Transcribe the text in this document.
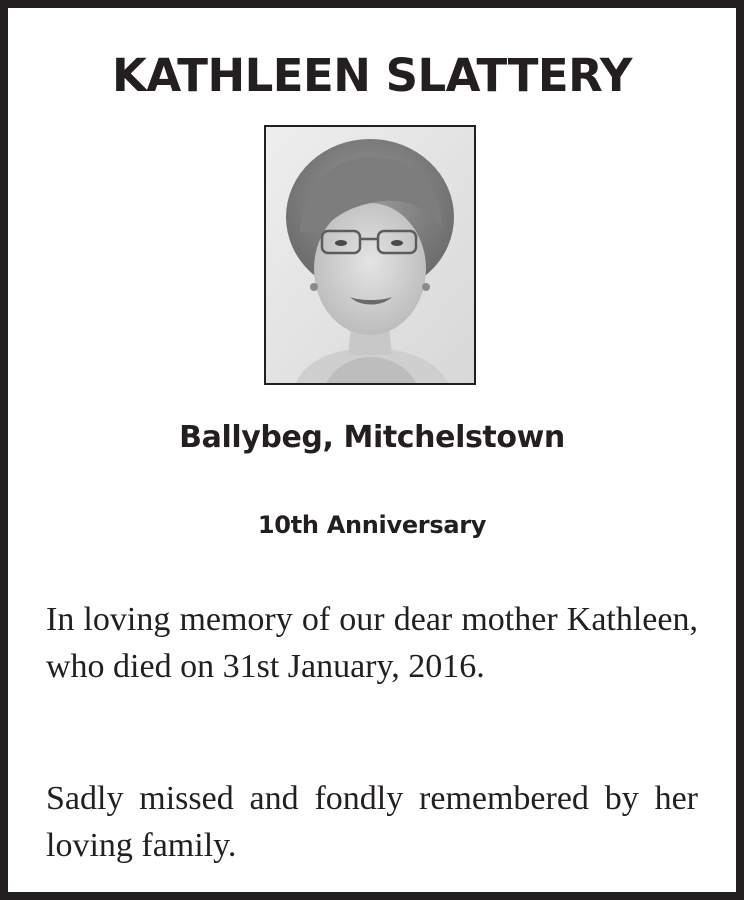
KATHLEEN SLATTERY
Ballybeg, Mitchelstown
10th Anniversary

In loving memory of our dear mother Kathleen, who died on 31st January, 2016.

Sadly missed and fondly remembered by her loving family.
